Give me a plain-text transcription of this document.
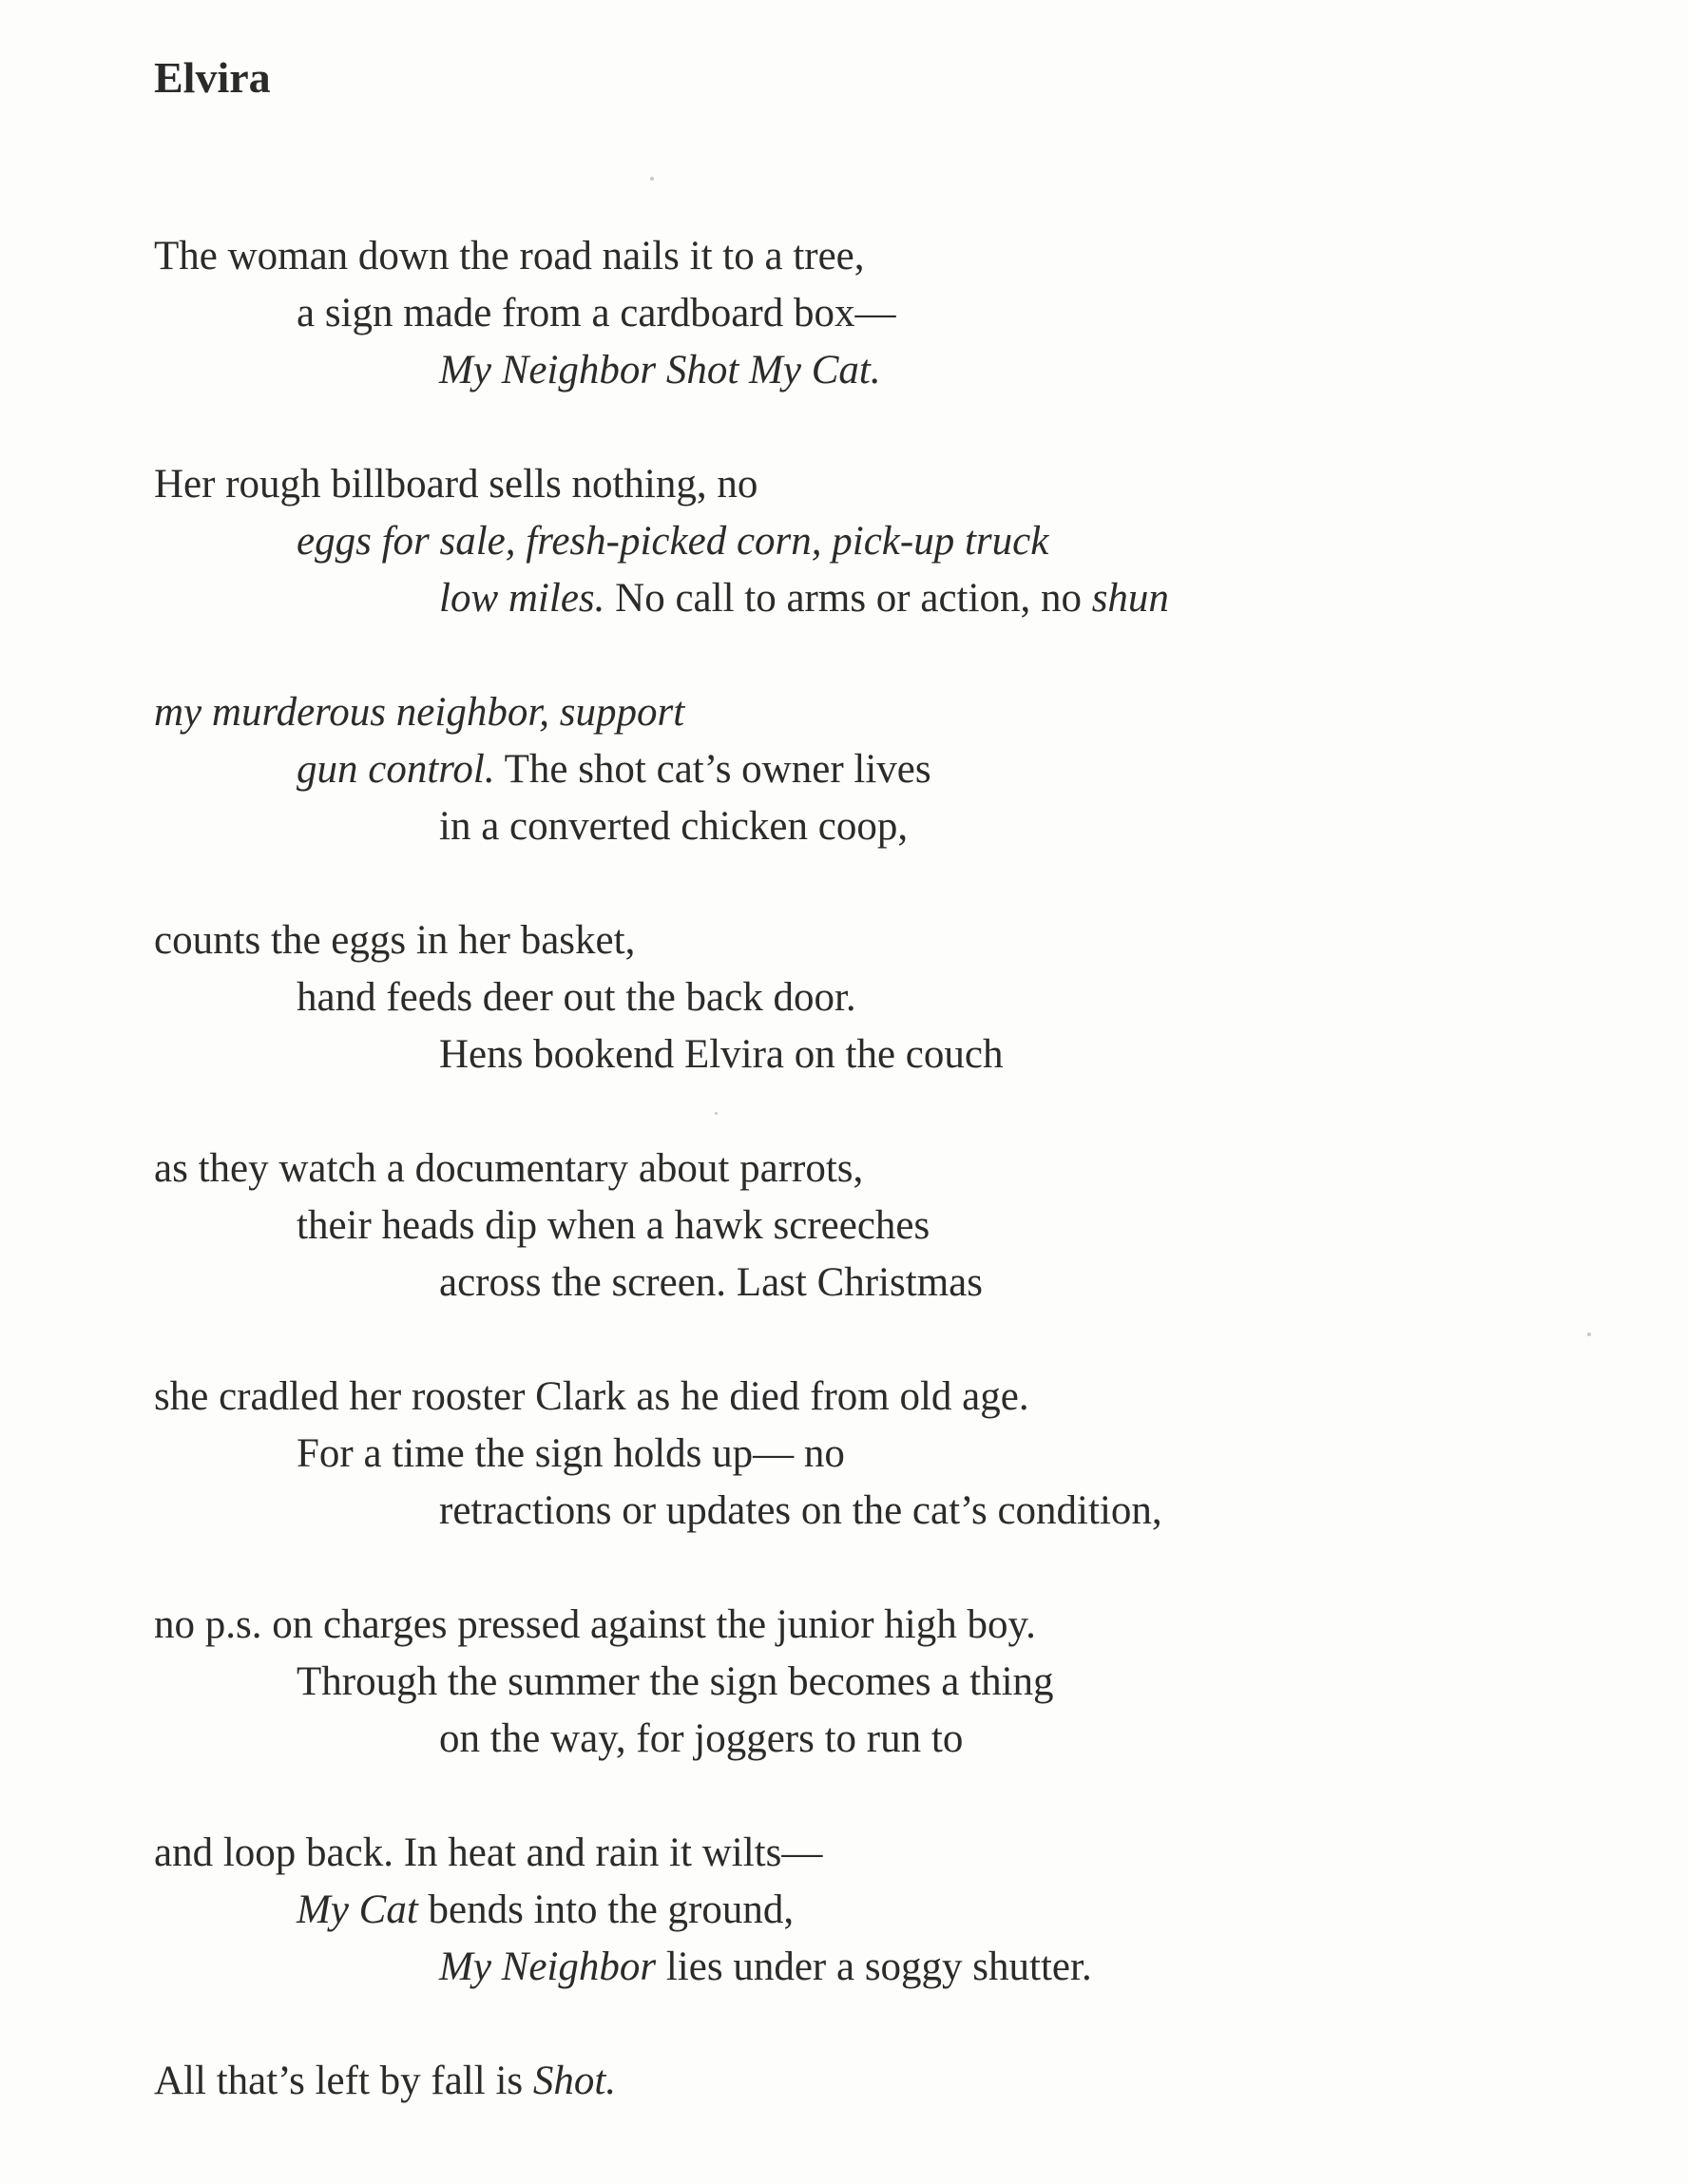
Elvira
The woman down the road nails it to a tree,
a sign made from a cardboard box—
My Neighbor Shot My Cat.
Her rough billboard sells nothing, no
eggs for sale, fresh-picked corn, pick-up truck
low miles. No call to arms or action, no shun
my murderous neighbor, support
gun control. The shot cat’s owner lives
in a converted chicken coop,
counts the eggs in her basket,
hand feeds deer out the back door.
Hens bookend Elvira on the couch
as they watch a documentary about parrots,
their heads dip when a hawk screeches
across the screen. Last Christmas
she cradled her rooster Clark as he died from old age.
For a time the sign holds up— no
retractions or updates on the cat’s condition,
no p.s. on charges pressed against the junior high boy.
Through the summer the sign becomes a thing
on the way, for joggers to run to
and loop back. In heat and rain it wilts—
My Cat bends into the ground,
My Neighbor lies under a soggy shutter.
All that’s left by fall is Shot.
